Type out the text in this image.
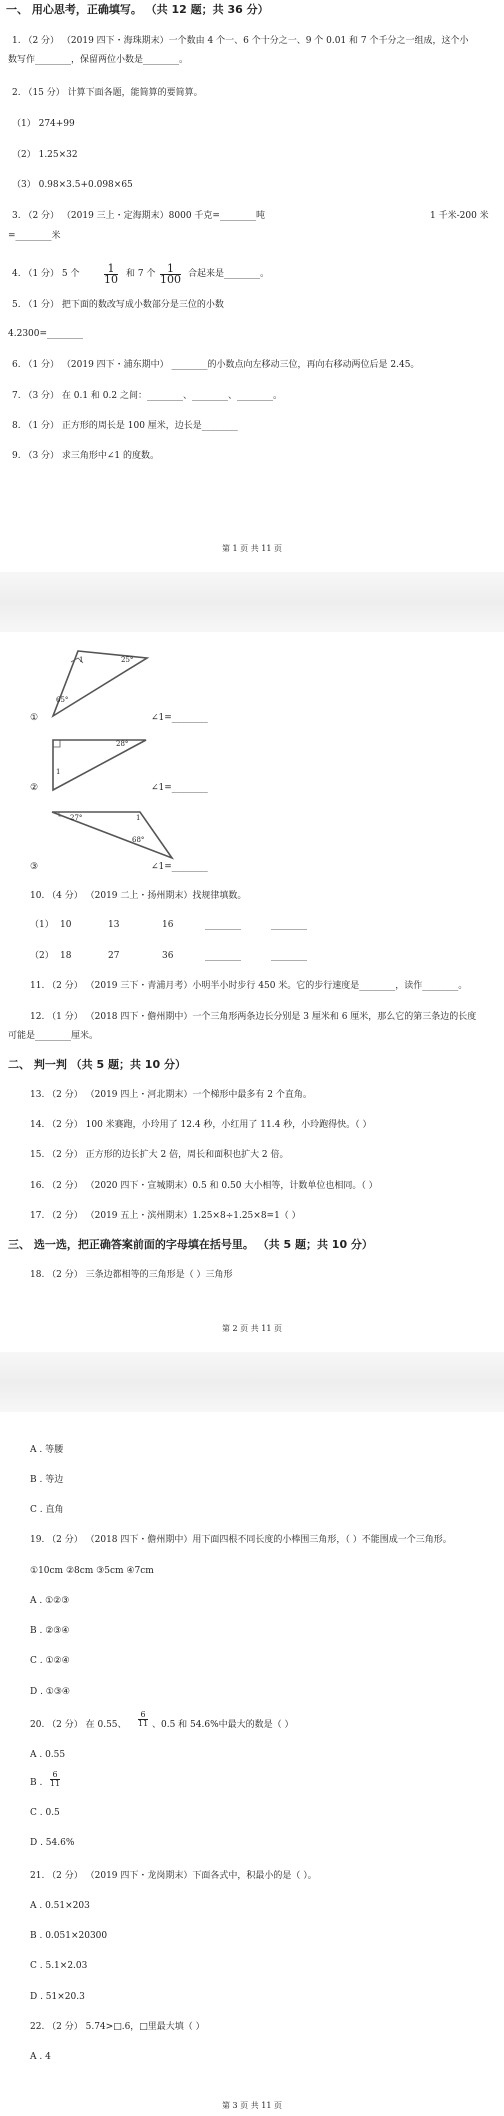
一、 用心思考，正确填写。 （共 12 题；共 36 分）
1. （2 分） （2019 四下・海珠期末）一个数由 4 个一、6 个十分之一、9 个 0.01 和 7 个千分之一组成，这个小
数写作________，保留两位小数是________。
2. （15 分） 计算下面各题，能简算的要简算。
（1） 274+99
（2） 1.25×32
（3） 0.98×3.5+0.098×65
3. （2 分） （2019 三上・定海期末）8000 千克=________吨	1 千米-200 米
=________米
4. （1 分） 5 个 $\frac{1}{10}$ 和 7 个 $\frac{1}{100}$ 合起来是________。
5. （1 分） 把下面的数改写成小数部分是三位的小数
4.2300=________
6. （1 分） （2019 四下・浦东期中） ________的小数点向左移动三位，再向右移动两位后是 2.45。
7. （3 分） 在 0.1 和 0.2 之间：________、________、________。
8. （1 分） 正方形的周长是 100 厘米，边长是________
9. （3 分） 求三角形中∠1 的度数。
第 1 页 共 11 页
1	25°
65°
①	∠1=________
28°
1
②	∠1=________
27°	1
68°
③	∠1=________
10. （4 分） （2019 二上・扬州期末）找规律填数。
（1） 10	13	16	________	________
（2） 18	27	36	________	________
11. （2 分） （2019 三下・青浦月考）小明半小时步行 450 米。它的步行速度是________，读作________。
12. （1 分） （2018 四下・儋州期中）一个三角形两条边长分别是 3 厘米和 6 厘米，那么它的第三条边的长度
可能是________厘米。
二、 判一判 （共 5 题；共 10 分）
13. （2 分） （2019 四上・河北期末）一个梯形中最多有 2 个直角。
14. （2 分） 100 米赛跑，小玲用了 12.4 秒，小红用了 11.4 秒，小玲跑得快。（ ）
15. （2 分） 正方形的边长扩大 2 倍，周长和面积也扩大 2 倍。
16. （2 分） （2020 四下・宣城期末）0.5 和 0.50 大小相等，计数单位也相同。（ ）
17. （2 分） （2019 五上・滨州期末）1.25×8÷1.25×8=1（ ）
三、 选一选，把正确答案前面的字母填在括号里。 （共 5 题；共 10 分）
18. （2 分） 三条边都相等的三角形是（ ）三角形
第 2 页 共 11 页
A . 等腰
B . 等边
C . 直角
19. （2 分） （2018 四下・儋州期中）用下面四根不同长度的小棒围三角形，（ ）不能围成一个三角形。
①10cm ②8cm ③5cm ④7cm
A . ①②③
B . ②③④
C . ①②④
D . ①③④
20. （2 分） 在 0.55、
6
11 、0.5 和 54.6%中最大的数是（ ）
A . 0.55
B .
6
11
C . 0.5
D . 54.6%
21. （2 分） （2019 四下・龙岗期末）下面各式中，积最小的是（ ）。
A . 0.51×203
B . 0.051×20300
C . 5.1×2.03
D . 51×20.3
22. （2 分） 5.74>□.6，□里最大填（ ）
A . 4
第 3 页 共 11 页
